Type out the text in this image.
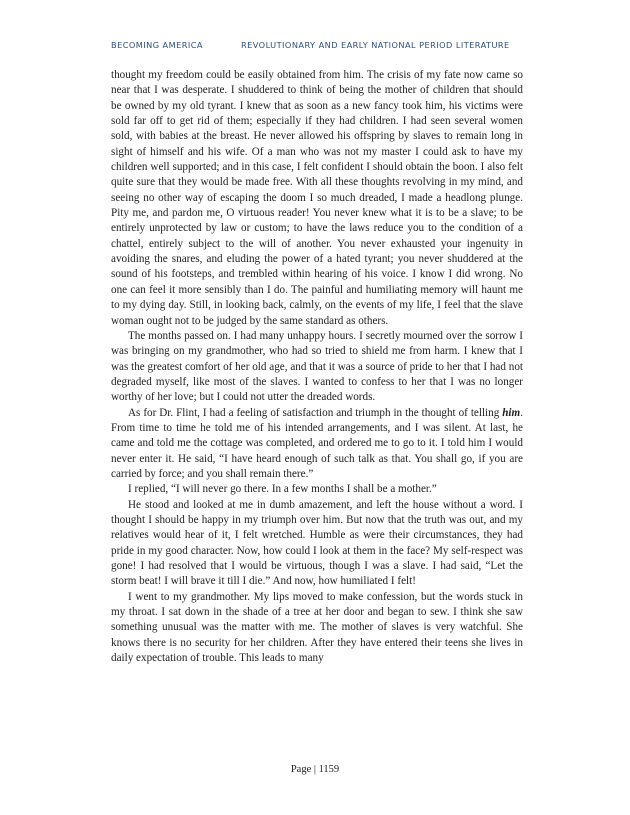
BECOMING AMERICA	REVOLUTIONARY AND EARLY NATIONAL PERIOD LITERATURE

thought my freedom could be easily obtained from him. The crisis of my fate now came so near that I was desperate. I shuddered to think of being the mother of children that should be owned by my old tyrant. I knew that as soon as a new fancy took him, his victims were sold far off to get rid of them; especially if they had children. I had seen several women sold, with babies at the breast. He never allowed his offspring by slaves to remain long in sight of himself and his wife. Of a man who was not my master I could ask to have my children well supported; and in this case, I felt confident I should obtain the boon. I also felt quite sure that they would be made free. With all these thoughts revolving in my mind, and seeing no other way of escaping the doom I so much dreaded, I made a headlong plunge. Pity me, and pardon me, O virtuous reader! You never knew what it is to be a slave; to be entirely unprotected by law or custom; to have the laws reduce you to the condition of a chattel, entirely subject to the will of another. You never exhausted your ingenuity in avoiding the snares, and eluding the power of a hated tyrant; you never shuddered at the sound of his footsteps, and trembled within hearing of his voice. I know I did wrong. No one can feel it more sensibly than I do. The painful and humiliating memory will haunt me to my dying day. Still, in looking back, calmly, on the events of my life, I feel that the slave woman ought not to be judged by the same standard as others.

The months passed on. I had many unhappy hours. I secretly mourned over the sorrow I was bringing on my grandmother, who had so tried to shield me from harm. I knew that I was the greatest comfort of her old age, and that it was a source of pride to her that I had not degraded myself, like most of the slaves. I wanted to confess to her that I was no longer worthy of her love; but I could not utter the dreaded words.

As for Dr. Flint, I had a feeling of satisfaction and triumph in the thought of telling him. From time to time he told me of his intended arrangements, and I was silent. At last, he came and told me the cottage was completed, and ordered me to go to it. I told him I would never enter it. He said, “I have heard enough of such talk as that. You shall go, if you are carried by force; and you shall remain there.”

I replied, “I will never go there. In a few months I shall be a mother.”

He stood and looked at me in dumb amazement, and left the house without a word. I thought I should be happy in my triumph over him. But now that the truth was out, and my relatives would hear of it, I felt wretched. Humble as were their circumstances, they had pride in my good character. Now, how could I look at them in the face? My self-respect was gone! I had resolved that I would be virtuous, though I was a slave. I had said, “Let the storm beat! I will brave it till I die.” And now, how humiliated I felt!

I went to my grandmother. My lips moved to make confession, but the words stuck in my throat. I sat down in the shade of a tree at her door and began to sew. I think she saw something unusual was the matter with me. The mother of slaves is very watchful. She knows there is no security for her children. After they have entered their teens she lives in daily expectation of trouble. This leads to many

Page | 1159
